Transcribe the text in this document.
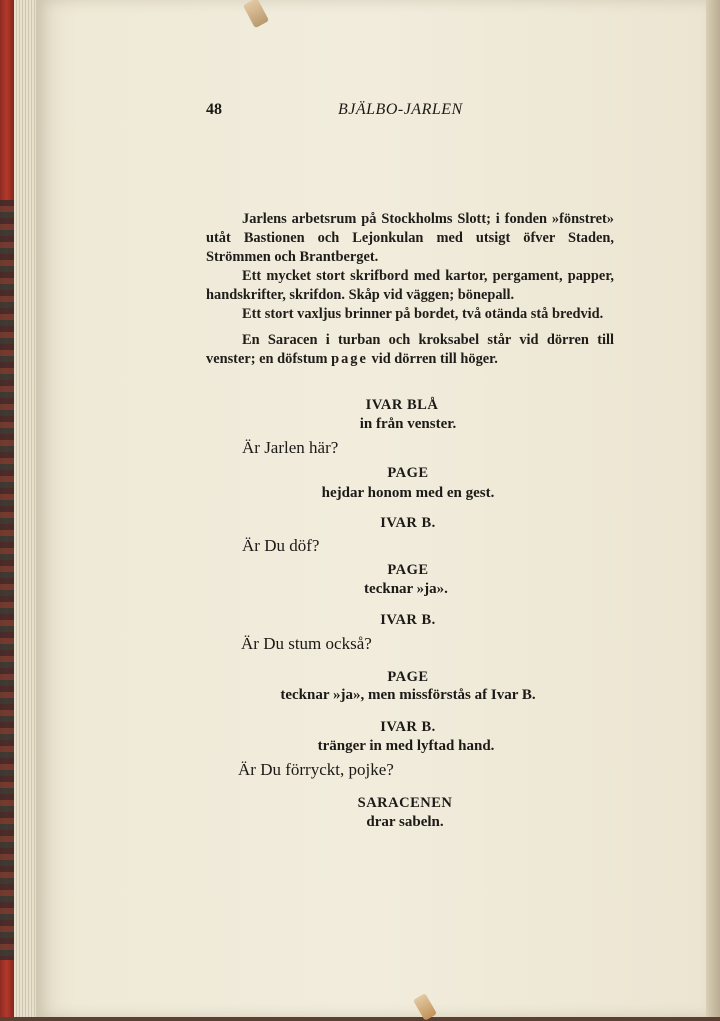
48	BJÄLBO-JARLEN

Jarlens arbetsrum på Stockholms Slott; i fonden »fönstret» utåt Bastionen och Lejonkulan med utsigt öfver Staden, Strömmen och Brantberget.

Ett mycket stort skrifbord med kartor, pergament, papper, handskrifter, skrifdon. Skåp vid väggen; bönepall.

Ett stort vaxljus brinner på bordet, två otända stå bredvid.

En Saracen i turban och kroksabel står vid dörren till venster; en döfstum page vid dörren till höger.

IVAR BLÅ
in från venster.
Är Jarlen här?
PAGE
hejdar honom med en gest.
IVAR B.
Är Du döf?
PAGE
tecknar »ja».
IVAR B.
Är Du stum också?
PAGE
tecknar »ja», men missförstås af Ivar B.
IVAR B.
tränger in med lyftad hand.
Är Du förryckt, pojke?
SARACENEN
drar sabeln.
